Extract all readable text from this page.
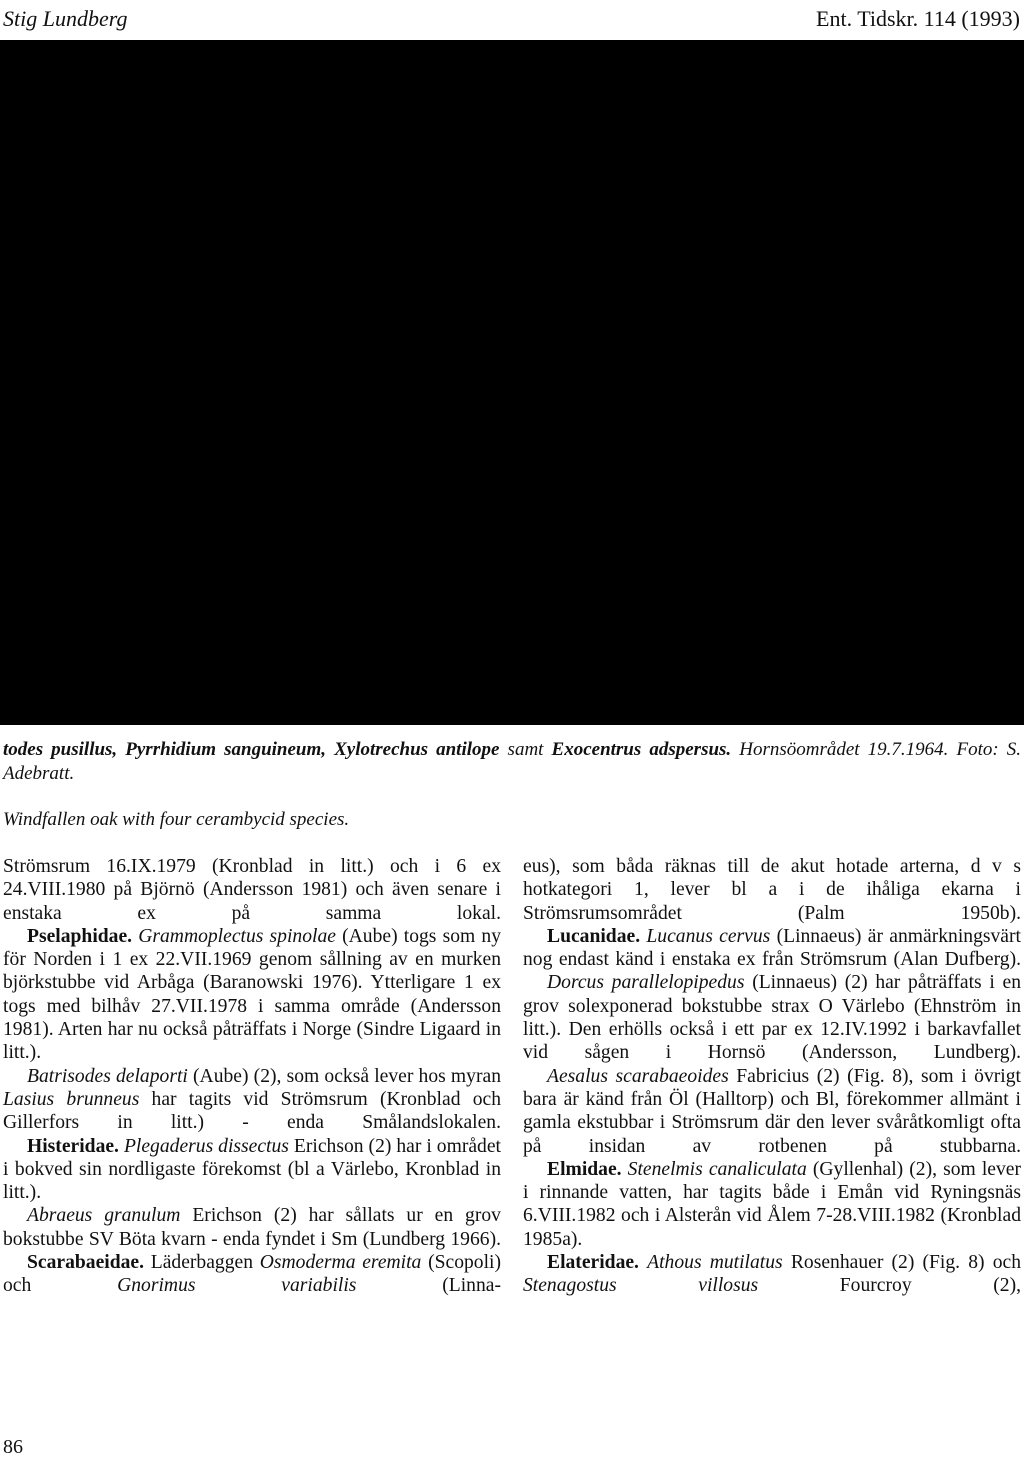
Stig Lundberg	Ent. Tidskr. 114 (1993)
todes pusillus, Pyrrhidium sanguineum, Xylotrechus antilope samt Exocentrus adspersus. Hornsöområdet 19.7.1964. Foto: S. Adebratt.
Windfallen oak with four cerambycid species.

Strömsrum 16.IX.1979 (Kronblad in litt.) och i 6 ex 24.VIII.1980 på Björnö (Andersson 1981) och även senare i enstaka ex på samma lokal.

Pselaphidae. Grammoplectus spinolae (Aube) togs som ny för Norden i 1 ex 22.VII.1969 genom sållning av en murken björkstubbe vid Arbåga (Baranowski 1976). Ytterligare 1 ex togs med bilhåv 27.VII.1978 i samma område (Andersson 1981). Arten har nu också påträffats i Norge (Sindre Ligaard in litt.).

Batrisodes delaporti (Aube) (2), som också lever hos myran Lasius brunneus har tagits vid Strömsrum (Kronblad och Gillerfors in litt.) - enda Smålandslokalen.

Histeridae. Plegaderus dissectus Erichson (2) har i området i bokved sin nordligaste förekomst (bl a Värlebo, Kronblad in litt.).

Abraeus granulum Erichson (2) har sållats ur en grov bokstubbe SV Böta kvarn - enda fyndet i Sm (Lundberg 1966).

Scarabaeidae. Läderbaggen Osmoderma eremita (Scopoli) och	Gnorimus variabilis	(Linna-

eus), som båda räknas till de akut hotade arterna, d v s hotkategori 1, lever bl a i de ihåliga ekarna i Strömsrumsområdet (Palm 1950b).

Lucanidae. Lucanus cervus (Linnaeus) är anmärkningsvärt nog endast känd i enstaka ex från Strömsrum (Alan Dufberg).

Dorcus parallelopipedus (Linnaeus) (2) har påträffats i en grov solexponerad bokstubbe strax O Värlebo (Ehnström in litt.). Den erhölls också i ett par ex 12.IV.1992 i barkavfallet vid sågen i Hornsö (Andersson, Lundberg).

Aesalus scarabaeoides Fabricius (2) (Fig. 8), som i övrigt bara är känd från Öl (Halltorp) och Bl, förekommer allmänt i gamla ekstubbar i Strömsrum där den lever svåråtkomligt ofta på insidan av rotbenen på stubbarna.

Elmidae. Stenelmis canaliculata (Gyllenhal) (2), som lever i rinnande vatten, har tagits både i Emån vid Ryningsnäs 6.VIII.1982 och i Alsterån vid Ålem 7-28.VIII.1982 (Kronblad 1985a).

Elateridae. Athous mutilatus Rosenhauer (2) (Fig. 8) och Stenagostus villosus	Fourcroy (2),

86
